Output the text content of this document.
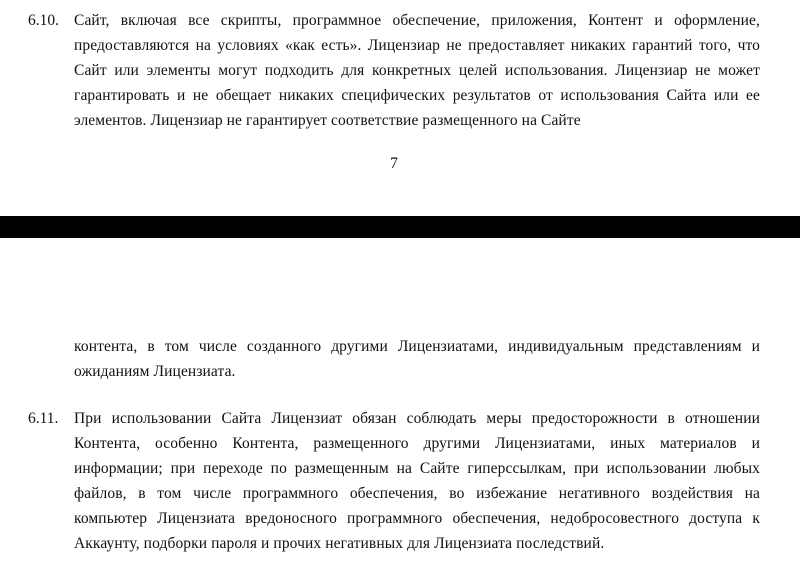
6.10. Сайт, включая все скрипты, программное обеспечение, приложения, Контент и оформление, предоставляются на условиях «как есть». Лицензиар не предоставляет никаких гарантий того, что Сайт или элементы могут подходить для конкретных целей использования. Лицензиар не может гарантировать и не обещает никаких специфических результатов от использования Сайта или ее элементов. Лицензиар не гарантирует соответствие размещенного на Сайте
7
контента, в том числе созданного другими Лицензиатами, индивидуальным представлениям и ожиданиям Лицензиата.
6.11.	При использовании Сайта Лицензиат обязан соблюдать меры предосторожности в отношении Контента, особенно Контента, размещенного другими Лицензиатами, иных материалов и информации; при переходе по размещенным на Сайте гиперссылкам, при использовании любых файлов, в том числе программного обеспечения, во избежание негативного воздействия на компьютер Лицензиата вредоносного программного обеспечения, недобросовестного доступа к Аккаунту, подборки пароля и прочих негативных для Лицензиата последствий.
